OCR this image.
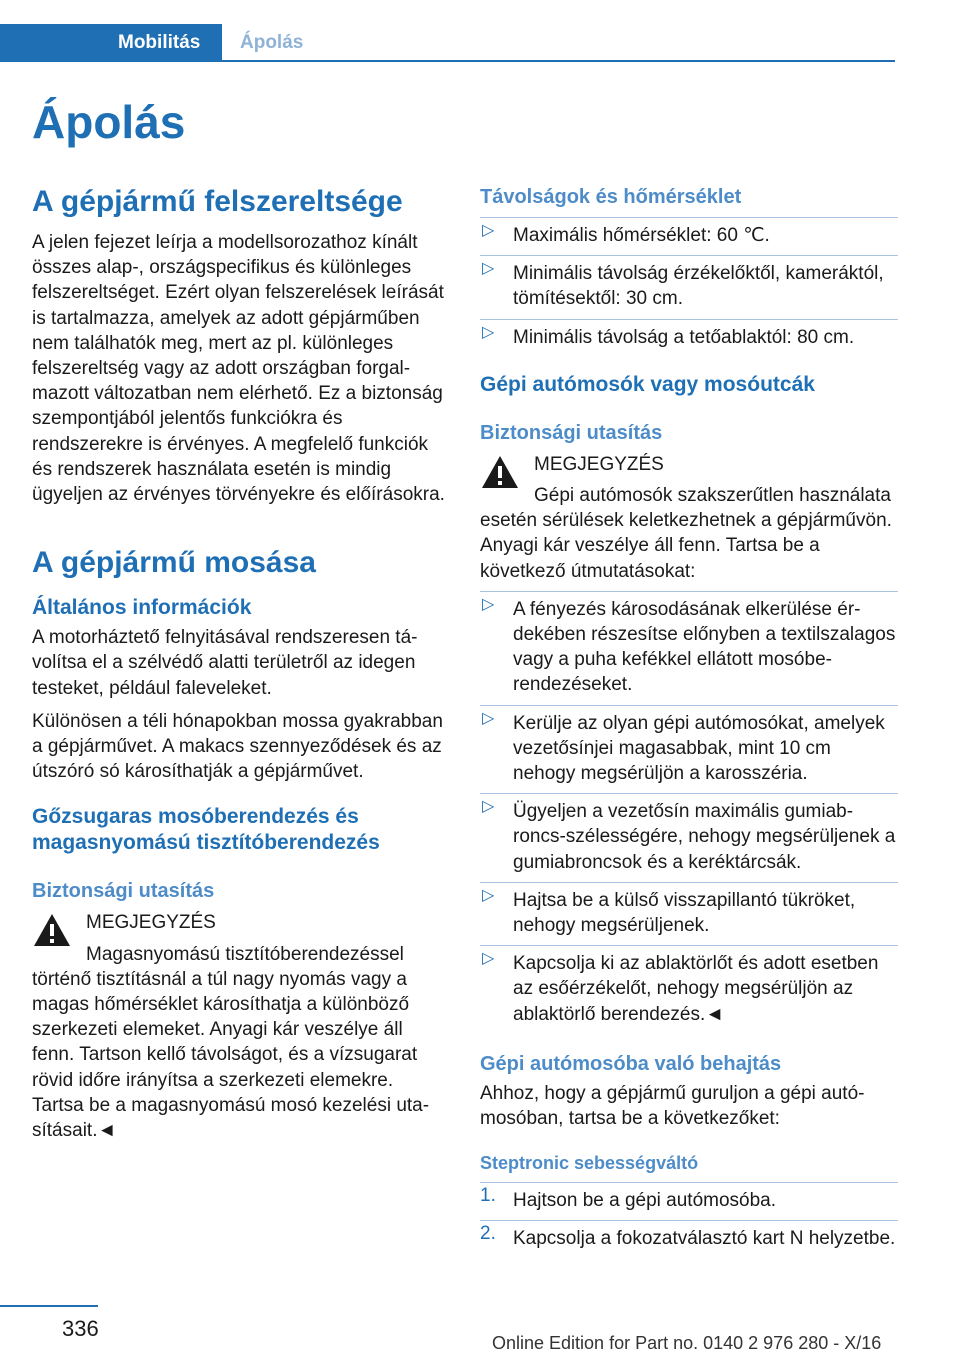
Mobilitás	Ápolás
Ápolás
A gépjármű felszereltsége

A jelen fejezet leírja a modellsorozathoz kínált összes alap-, országspecifikus és különleges felszereltséget. Ezért olyan felszerelések leírását is tartalmazza, amelyek az adott gépjárműben nem találhatók meg, mert az pl. különleges felszereltség vagy az adott országban forgalmazott változatban nem elérhető. Ez a biztonság szempontjából jelentős funkciókra és rendszerekre is érvényes. A megfelelő funkciók és rendszerek használata esetén is mindig ügyeljen az érvényes törvényekre és előírásokra.

A gépjármű mosása
Általános információk

A motorháztető felnyitásával rendszeresen távolítsa el a szélvédő alatti területről az idegen testeket, például faleveleket.

Különösen a téli hónapokban mossa gyakrabban a gépjárművet. A makacs szennyeződések és az útszóró só károsíthatják a gépjárművet.

Gőzsugaras mosóberendezés és magasnyomású tisztítóberendezés
Biztonsági utasítás
MEGJEGYZÉS
Magasnyomású tisztítóberendezéssel történő tisztításnál a túl nagy nyomás vagy a magas hőmérséklet károsíthatja a különböző szerkezeti elemeket. Anyagi kár veszélye áll fenn. Tartson kellő távolságot, és a vízsugarat rövid időre irányítsa a szerkezeti elemekre. Tartsa be a magasnyomású mosó kezelési utasításait.◄
Távolságok és hőmérséklet
▷ Maximális hőmérséklet: 60 ℃.
▷ Minimális távolság érzékelőktől, kameráktól, tömítésektől: 30 cm.
▷ Minimális távolság a tetőablaktól: 80 cm.
Gépi autómosók vagy mosóutcák
Biztonsági utasítás
MEGJEGYZÉS
Gépi autómosók szakszerűtlen használata esetén sérülések keletkezhetnek a gépjárművön. Anyagi kár veszélye áll fenn. Tartsa be a következő útmutatásokat:
▷ A fényezés károsodásának elkerülése érdekében részesítse előnyben a textilszalagos vagy a puha kefékkel ellátott mosóberendezéseket.
▷ Kerülje az olyan gépi autómosókat, amelyek vezetősínjei magasabbak, mint 10 cm nehogy megsérüljön a karosszéria.
▷ Ügyeljen a vezetősín maximális gumiabroncs-szélességére, nehogy megsérüljenek a gumiabroncsok és a keréktárcsák.
▷ Hajtsa be a külső visszapillantó tükröket, nehogy megsérüljenek.
▷ Kapcsolja ki az ablaktörlőt és adott esetben az esőérzékelőt, nehogy megsérüljön az ablaktörlő berendezés.◄
Gépi autómosóba való behajtás

Ahhoz, hogy a gépjármű guruljon a gépi autómosóban, tartsa be a következőket:

Steptronic sebességváltó
1. Hajtson be a gépi autómosóba.
2. Kapcsolja a fokozatválasztó kart N helyzetbe.
336
Online Edition for Part no. 0140 2 976 280 - X/16
